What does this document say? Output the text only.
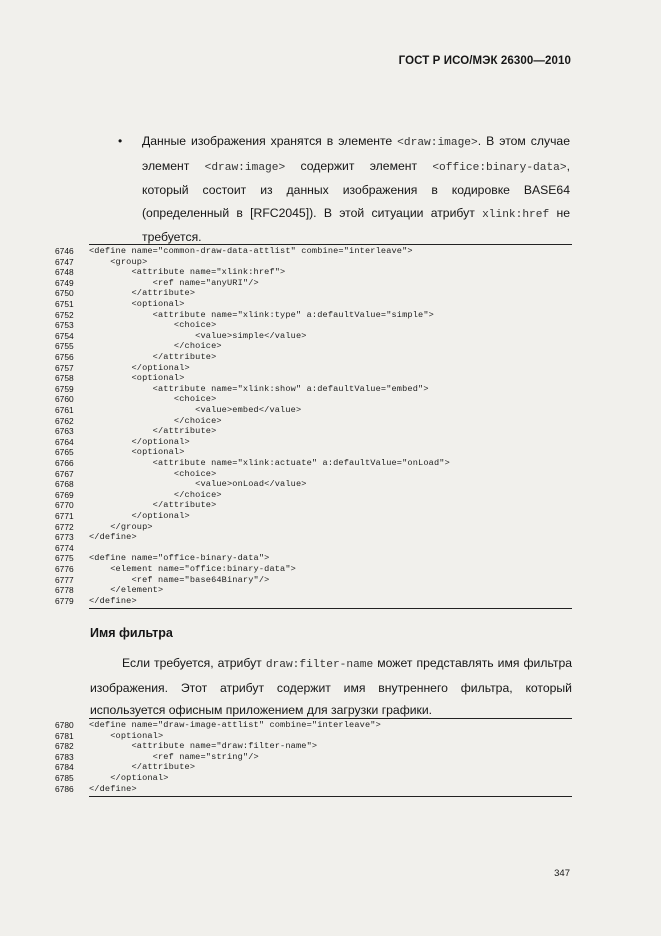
ГОСТ Р ИСО/МЭК 26300—2010
• Данные изображения хранятся в элементе <draw:image>. В этом случае элемент <draw:image> содержит элемент <office:binary-data>, который состоит из данных изображения в кодировке BASE64 (определенный в [RFC2045]). В этой ситуации атрибут xlink:href не требуется.
6746	<define name="common-draw-data-attlist" combine="interleave">
6747	<group>
6748	<attribute name="xlink:href">
6749	<ref name="anyURI"/>
6750	</attribute>
6751	<optional>
6752	<attribute name="xlink:type" a:defaultValue="simple">
6753	<choice>
6754	<value>simple</value>
6755	</choice>
6756	</attribute>
6757	</optional>
6758	<optional>
6759	<attribute name="xlink:show" a:defaultValue="embed">
6760	<choice>
6761	<value>embed</value>
6762	</choice>
6763	</attribute>
6764	</optional>
6765	<optional>
6766	<attribute name="xlink:actuate" a:defaultValue="onLoad">
6767	<choice>
6768	<value>onLoad</value>
6769	</choice>
6770	</attribute>
6771	</optional>
6772	</group>
6773	</define>
6774
6775	<define name="office-binary-data">
6776	<element name="office:binary-data">
6777	<ref name="base64Binary"/>
6778	</element>
6779	</define>
Имя фильтра
Если требуется, атрибут draw:filter-name может представлять имя фильтра изображения. Этот атрибут содержит имя внутреннего фильтра, который используется офисным приложением для загрузки графики.
6780	<define name="draw-image-attlist" combine="interleave">
6781	<optional>
6782	<attribute name="draw:filter-name">
6783	<ref name="string"/>
6784	</attribute>
6785	</optional>
6786	</define>
347
